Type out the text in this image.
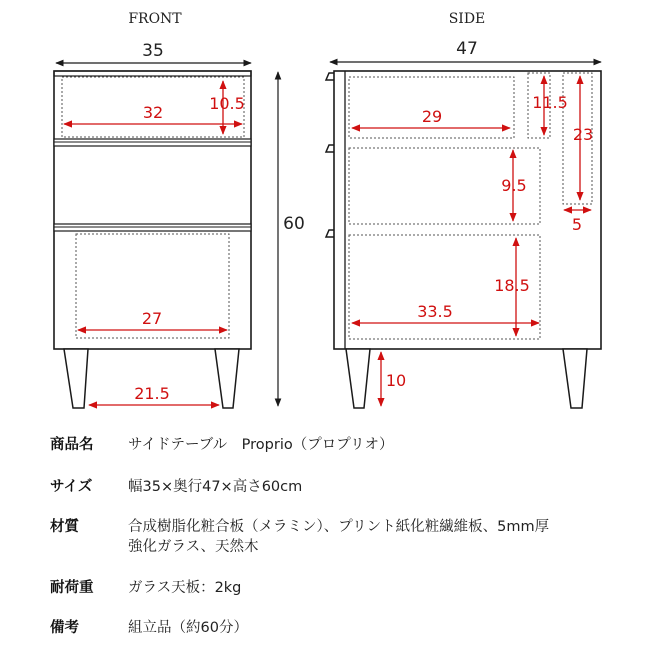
FRONT
35
60
10.5
32
27
21.5
SIDE
47
29
11.5
23
5
9.5
18.5
33.5
10
商品名 サイドテーブル　Proprio（プロプリオ）
サイズ 幅35×奥行47×高さ60cm
材質	合成樹脂化粧合板（メラミン）、プリント紙化粧繊維板、5mm厚
強化ガラス、天然木
耐荷重 ガラス天板：2kg
備考	組立品（約60分）
